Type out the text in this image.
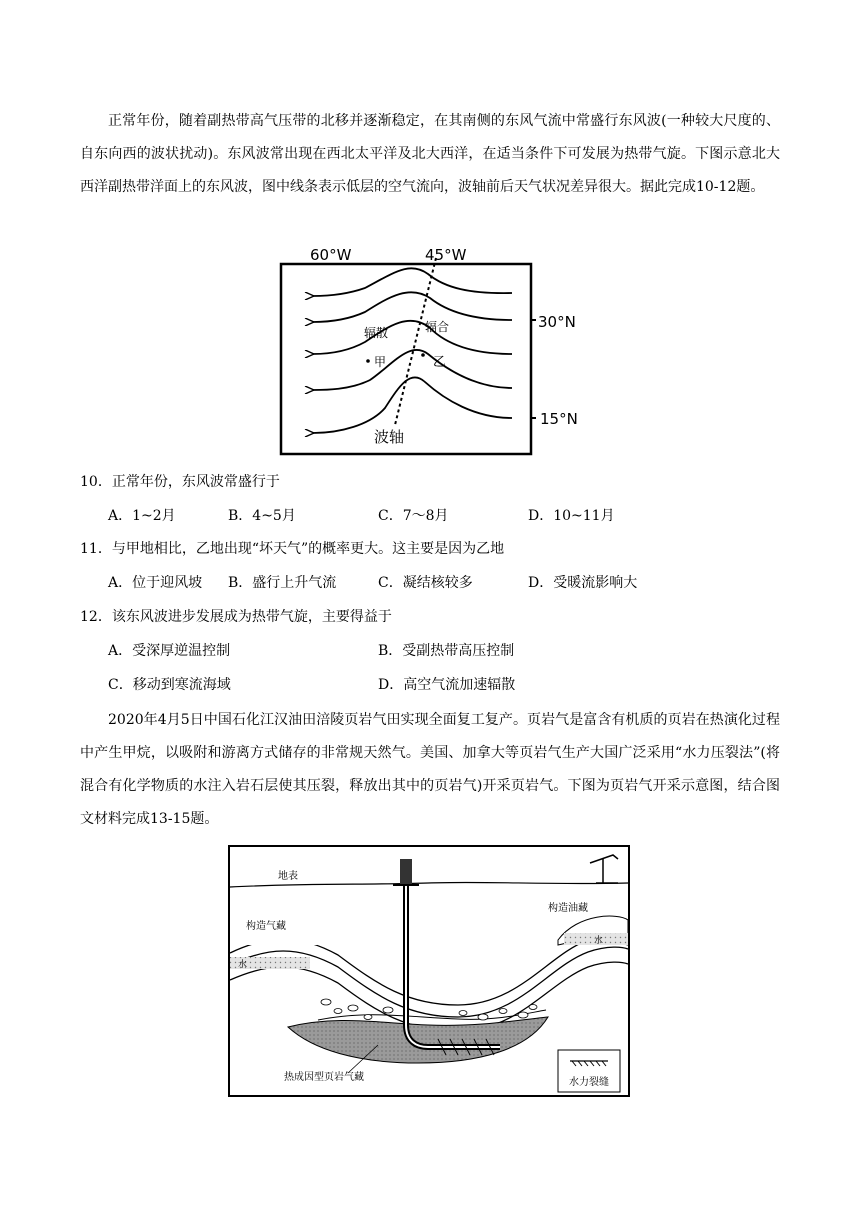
正常年份，随着副热带高气压带的北移并逐渐稳定，在其南侧的东风气流中常盛行东风波(一种较大尺度的、自东向西的波状扰动)。东风波常出现在西北太平洋及北大西洋，在适当条件下可发展为热带气旋。下图示意北大西洋副热带洋面上的东风波，图中线条表示低层的空气流向，波轴前后天气状况差异很大。据此完成10-12题。

60°W	45°W
30°N
15°N
辐散	辐合
甲	乙
波轴

10．正常年份，东风波常盛行于

A．1~2月	B．4~5月	C．7～8月	D．10~11月

11．与甲地相比，乙地出现“坏天气”的概率更大。这主要是因为乙地

A．位于迎风坡 B．盛行上升气流	C．凝结核较多	D．受暖流影响大

12．该东风波进步发展成为热带气旋，主要得益于

A．受深厚逆温控制	B．受副热带高压控制

C．移动到寒流海域	D．高空气流加速辐散

2020年4月5日中国石化江汉油田涪陵页岩气田实现全面复工复产。页岩气是富含有机质的页岩在热演化过程中产生甲烷，以吸附和游离方式储存的非常规天然气。美国、加拿大等页岩气生产大国广泛采用“水力压裂法”(将混合有化学物质的水注入岩石层使其压裂，释放出其中的页岩气)开采页岩气。下图为页岩气开采示意图，结合图文材料完成13-15题。

地表
构造气藏
构造油藏
水
水
热成因型页岩气藏	水力裂缝
